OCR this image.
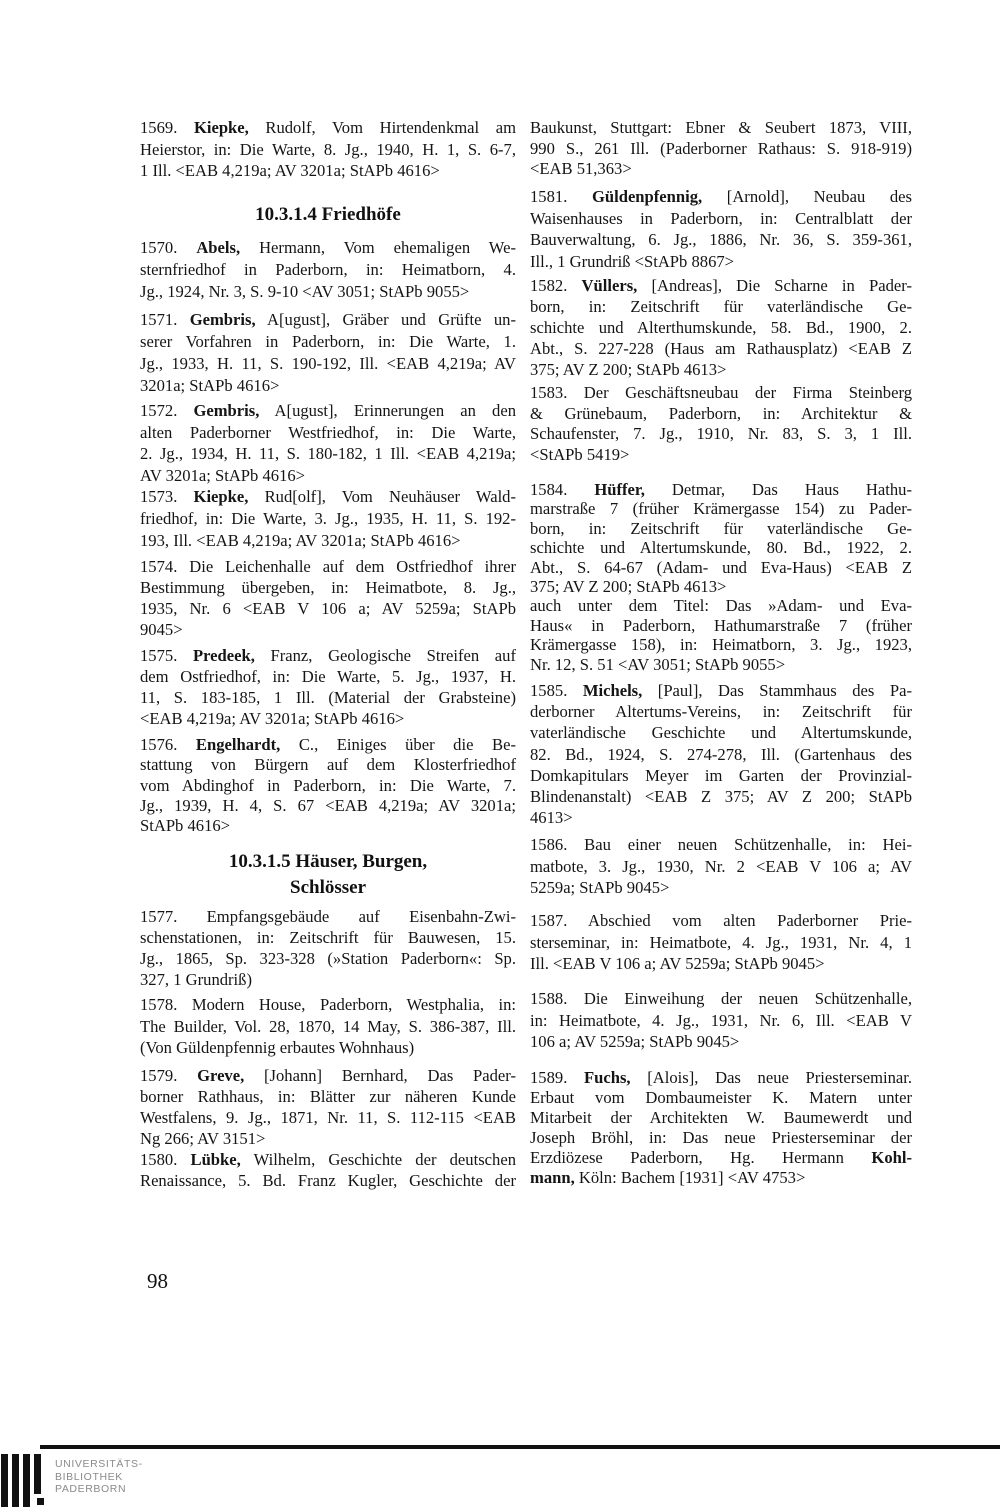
1569. Kiepke, Rudolf, Vom Hirtendenkmal am
Heierstor, in: Die Warte, 8. Jg., 1940, H. 1, S. 6-7,
1 Ill. <EAB 4,219a; AV 3201a; StAPb 4616>
10.3.1.4 Friedhöfe
1570. Abels, Hermann, Vom ehemaligen We-
sternfriedhof in Paderborn, in: Heimatborn, 4.
Jg., 1924, Nr. 3, S. 9-10 <AV 3051; StAPb 9055>
1571. Gembris, A[ugust], Gräber und Grüfte un-
serer Vorfahren in Paderborn, in: Die Warte, 1.
Jg., 1933, H. 11, S. 190-192, Ill. <EAB 4,219a; AV
3201a; StAPb 4616>
1572. Gembris, A[ugust], Erinnerungen an den
alten Paderborner Westfriedhof, in: Die Warte,
2. Jg., 1934, H. 11, S. 180-182, 1 Ill. <EAB 4,219a;
AV 3201a; StAPb 4616>
1573. Kiepke, Rud[olf], Vom Neuhäuser Wald-
friedhof, in: Die Warte, 3. Jg., 1935, H. 11, S. 192-
193, Ill. <EAB 4,219a; AV 3201a; StAPb 4616>
1574. Die Leichenhalle auf dem Ostfriedhof ihrer
Bestimmung übergeben, in: Heimatbote, 8. Jg.,
1935, Nr. 6 <EAB V 106 a; AV 5259a; StAPb
9045>
1575. Predeek, Franz, Geologische Streifen auf
dem Ostfriedhof, in: Die Warte, 5. Jg., 1937, H.
11, S. 183-185, 1 Ill. (Material der Grabsteine)
<EAB 4,219a; AV 3201a; StAPb 4616>
1576. Engelhardt, C., Einiges über die Be-
stattung von Bürgern auf dem Klosterfriedhof
vom Abdinghof in Paderborn, in: Die Warte, 7.
Jg., 1939, H. 4, S. 67 <EAB 4,219a; AV 3201a;
StAPb 4616>
10.3.1.5 Häuser, Burgen,
Schlösser
1577. Empfangsgebäude auf Eisenbahn-Zwi-
schenstationen, in: Zeitschrift für Bauwesen, 15.
Jg., 1865, Sp. 323-328 (»Station Paderborn«: Sp.
327, 1 Grundriß)
1578. Modern House, Paderborn, Westphalia, in:
The Builder, Vol. 28, 1870, 14 May, S. 386-387, Ill.
(Von Güldenpfennig erbautes Wohnhaus)
1579. Greve, [Johann] Bernhard, Das Pader-
borner Rathhaus, in: Blätter zur näheren Kunde
Westfalens, 9. Jg., 1871, Nr. 11, S. 112-115 <EAB
Ng 266; AV 3151>
1580. Lübke, Wilhelm, Geschichte der deutschen
Renaissance, 5. Bd. Franz Kugler, Geschichte der
Baukunst, Stuttgart: Ebner & Seubert 1873, VIII,
990 S., 261 Ill. (Paderborner Rathaus: S. 918-919)
<EAB 51,363>
1581. Güldenpfennig, [Arnold], Neubau des
Waisenhauses in Paderborn, in: Centralblatt der
Bauverwaltung, 6. Jg., 1886, Nr. 36, S. 359-361,
Ill., 1 Grundriß <StAPb 8867>
1582. Vüllers, [Andreas], Die Scharne in Pader-
born, in: Zeitschrift für vaterländische Ge-
schichte und Alterthumskunde, 58. Bd., 1900, 2.
Abt., S. 227-228 (Haus am Rathausplatz) <EAB Z
375; AV Z 200; StAPb 4613>
1583. Der Geschäftsneubau der Firma Steinberg
& Grünebaum, Paderborn, in: Architektur &
Schaufenster, 7. Jg., 1910, Nr. 83, S. 3, 1 Ill.
<StAPb 5419>
1584. Hüffer, Detmar, Das Haus Hathu-
marstraße 7 (früher Krämergasse 154) zu Pader-
born, in: Zeitschrift für vaterländische Ge-
schichte und Altertumskunde, 80. Bd., 1922, 2.
Abt., S. 64-67 (Adam- und Eva-Haus) <EAB Z
375; AV Z 200; StAPb 4613>
auch unter dem Titel: Das »Adam- und Eva-
Haus« in Paderborn, Hathumarstraße 7 (früher
Krämergasse 158), in: Heimatborn, 3. Jg., 1923,
Nr. 12, S. 51 <AV 3051; StAPb 9055>
1585. Michels, [Paul], Das Stammhaus des Pa-
derborner Altertums-Vereins, in: Zeitschrift für
vaterländische Geschichte und Altertumskunde,
82. Bd., 1924, S. 274-278, Ill. (Gartenhaus des
Domkapitulars Meyer im Garten der Provinzial-
Blindenanstalt) <EAB Z 375; AV Z 200; StAPb
4613>
1586. Bau einer neuen Schützenhalle, in: Hei-
matbote, 3. Jg., 1930, Nr. 2 <EAB V 106 a; AV
5259a; StAPb 9045>
1587. Abschied vom alten Paderborner Prie-
sterseminar, in: Heimatbote, 4. Jg., 1931, Nr. 4, 1
Ill. <EAB V 106 a; AV 5259a; StAPb 9045>
1588. Die Einweihung der neuen Schützenhalle,
in: Heimatbote, 4. Jg., 1931, Nr. 6, Ill. <EAB V
106 a; AV 5259a; StAPb 9045>
1589. Fuchs, [Alois], Das neue Priesterseminar.
Erbaut vom Dombaumeister K. Matern unter
Mitarbeit der Architekten W. Baumewerdt und
Joseph Bröhl, in: Das neue Priesterseminar der
Erzdiözese Paderborn, Hg. Hermann Kohl-
mann, Köln: Bachem [1931] <AV 4753>
98
UNIVERSITÄTS-
BIBLIOTHEK
PADERBORN
